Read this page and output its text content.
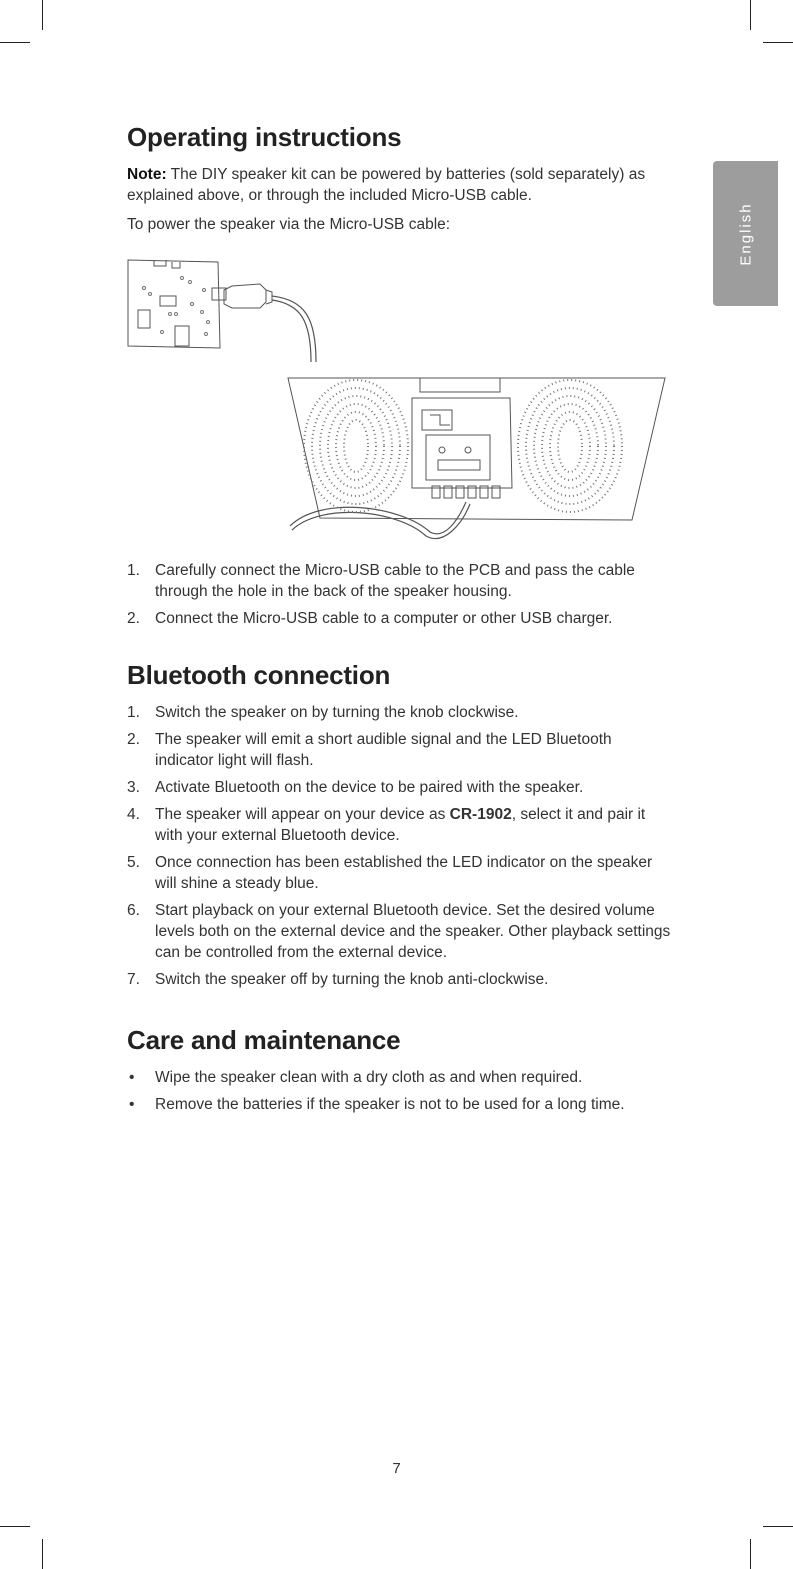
English
Operating instructions

Note: The DIY speaker kit can be powered by batteries (sold separately) as explained above, or through the included Micro-USB cable.

To power the speaker via the Micro-USB cable:

1. Carefully connect the Micro-USB cable to the PCB and pass the cable through the hole in the back of the speaker housing.
2. Connect the Micro-USB cable to a computer or other USB charger.
Bluetooth connection
1. Switch the speaker on by turning the knob clockwise.
2. The speaker will emit a short audible signal and the LED Bluetooth indicator light will flash.
3. Activate Bluetooth on the device to be paired with the speaker.
4. The speaker will appear on your device as CR-1902, select it and pair it with your external Bluetooth device.
5. Once connection has been established the LED indicator on the speaker will shine a steady blue.
6. Start playback on your external Bluetooth device. Set the desired volume levels both on the external device and the speaker. Other playback settings can be controlled from the external device.
7. Switch the speaker off by turning the knob anti-clockwise.
Care and maintenance
• Wipe the speaker clean with a dry cloth as and when required.
• Remove the batteries if the speaker is not to be used for a long time.
7
